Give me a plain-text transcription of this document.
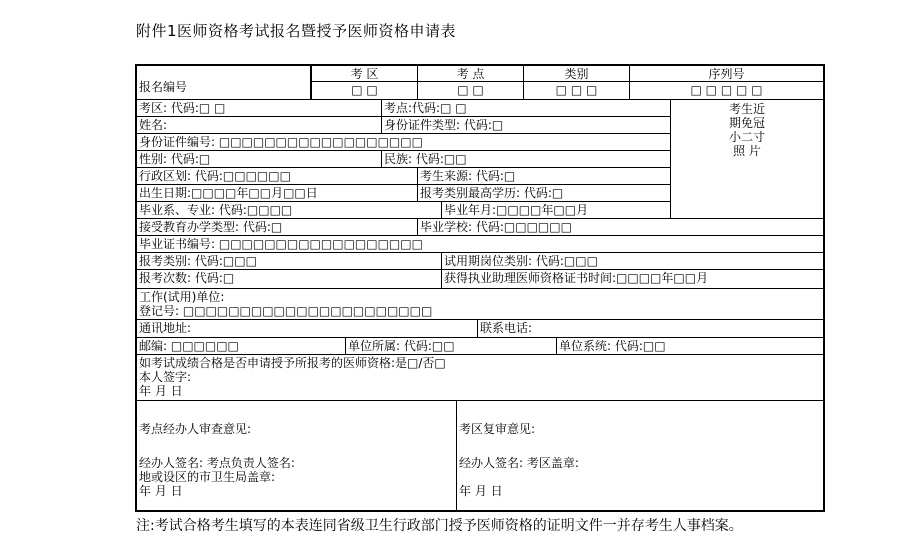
附件1医师资格考试报名暨授予医师资格申请表
报名编号
考 区	考 点	类别	序列号
□ □	□ □	□ □ □	□ □ □ □ □
考生近
期免冠
小二寸
照 片
考区: 代码:□ □	考点:代码:□ □
姓名:	身份证件类型: 代码:□
身份证件编号: □□□□□□□□□□□□□□□□□□
性别: 代码:□	民族: 代码:□□
行政区划: 代码:□□□□□□	考生来源: 代码:□
出生日期:□□□□年□□月□□日	报考类别最高学历: 代码:□
毕业系、专业: 代码:□□□□	毕业年月:□□□□年□□月
接受教育办学类型: 代码:□	毕业学校: 代码:□□□□□□
毕业证书编号: □□□□□□□□□□□□□□□□□□
报考类别: 代码:□□□	试用期岗位类别: 代码:□□□
报考次数: 代码:□	获得执业助理医师资格证书时间:□□□□年□□月
工作(试用)单位:
登记号: □□□□□□□□□□□□□□□□□□□□□□
通讯地址:	联系电话:
邮编: □□□□□□	单位所属: 代码:□□	单位系统: 代码:□□
如考试成绩合格是否申请授予所报考的医师资格:是□/否□
本人签字:
年 月 日
考点经办人审查意见:
经办人签名: 考点负责人签名:
地或设区的市卫生局盖章:
年 月 日
考区复审意见:
经办人签名: 考区盖章:

年 月 日
注:考试合格考生填写的本表连同省级卫生行政部门授予医师资格的证明文件一并存考生人事档案。
